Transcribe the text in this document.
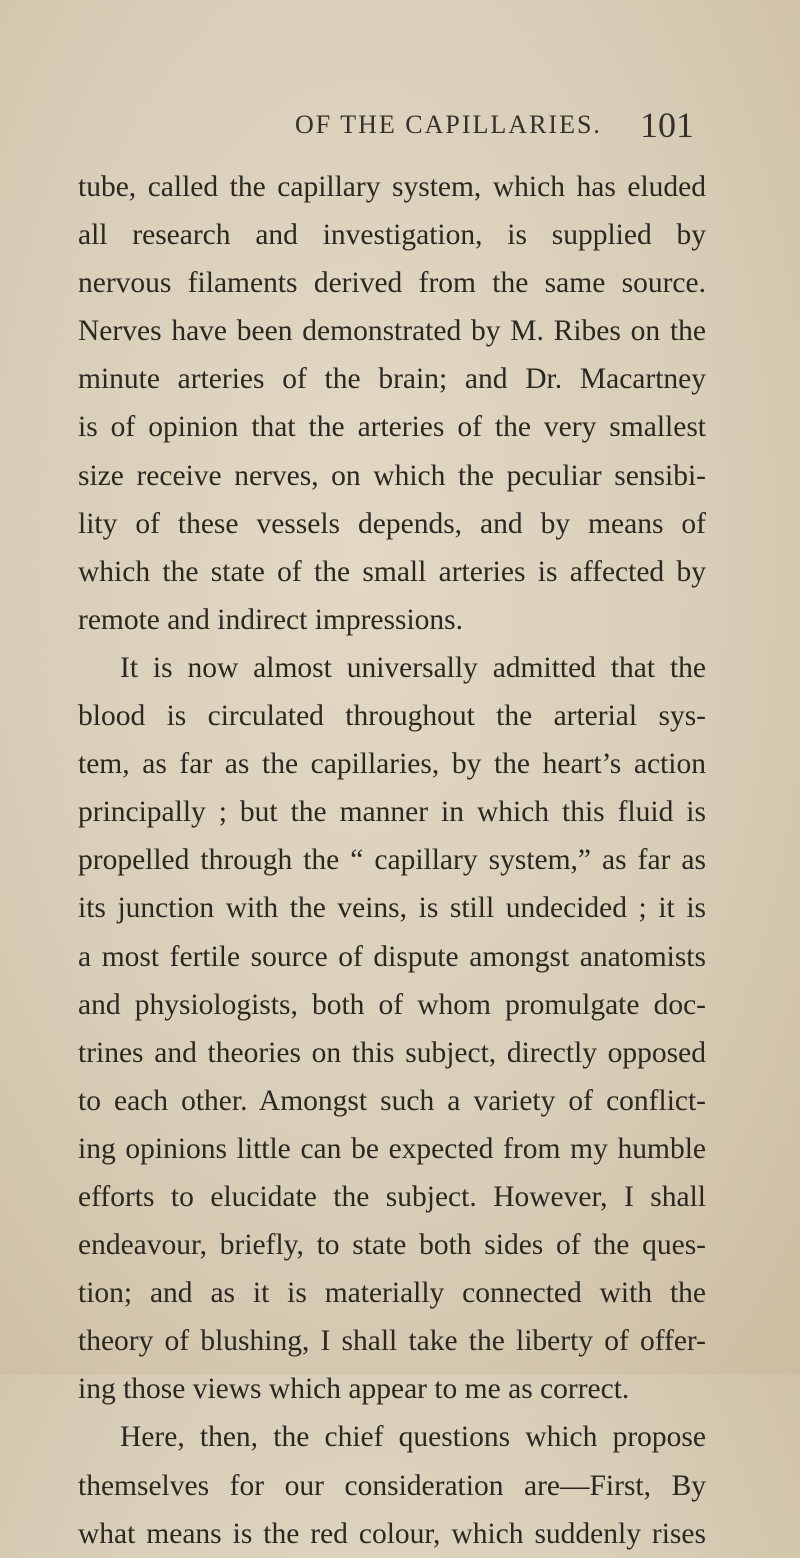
OF THE CAPILLARIES. 101
tube, called the capillary system, which has eluded
all research and investigation, is supplied by
nervous filaments derived from the same source.
Nerves have been demonstrated by M. Ribes on the
minute arteries of the brain; and Dr. Macartney
is of opinion that the arteries of the very smallest
size receive nerves, on which the peculiar sensibi-
lity of these vessels depends, and by means of
which the state of the small arteries is affected by
remote and indirect impressions.
It is now almost universally admitted that the
blood is circulated throughout the arterial sys-
tem, as far as the capillaries, by the heart’s action
principally ; but the manner in which this fluid is
propelled through the “ capillary system,” as far as
its junction with the veins, is still undecided ; it is
a most fertile source of dispute amongst anatomists
and physiologists, both of whom promulgate doc-
trines and theories on this subject, directly opposed
to each other. Amongst such a variety of conflict-
ing opinions little can be expected from my humble
efforts to elucidate the subject. However, I shall
endeavour, briefly, to state both sides of the ques-
tion; and as it is materially connected with the
theory of blushing, I shall take the liberty of offer-
ing those views which appear to me as correct.
Here, then, the chief questions which propose
themselves for our consideration are—First, By
what means is the red colour, which suddenly rises
